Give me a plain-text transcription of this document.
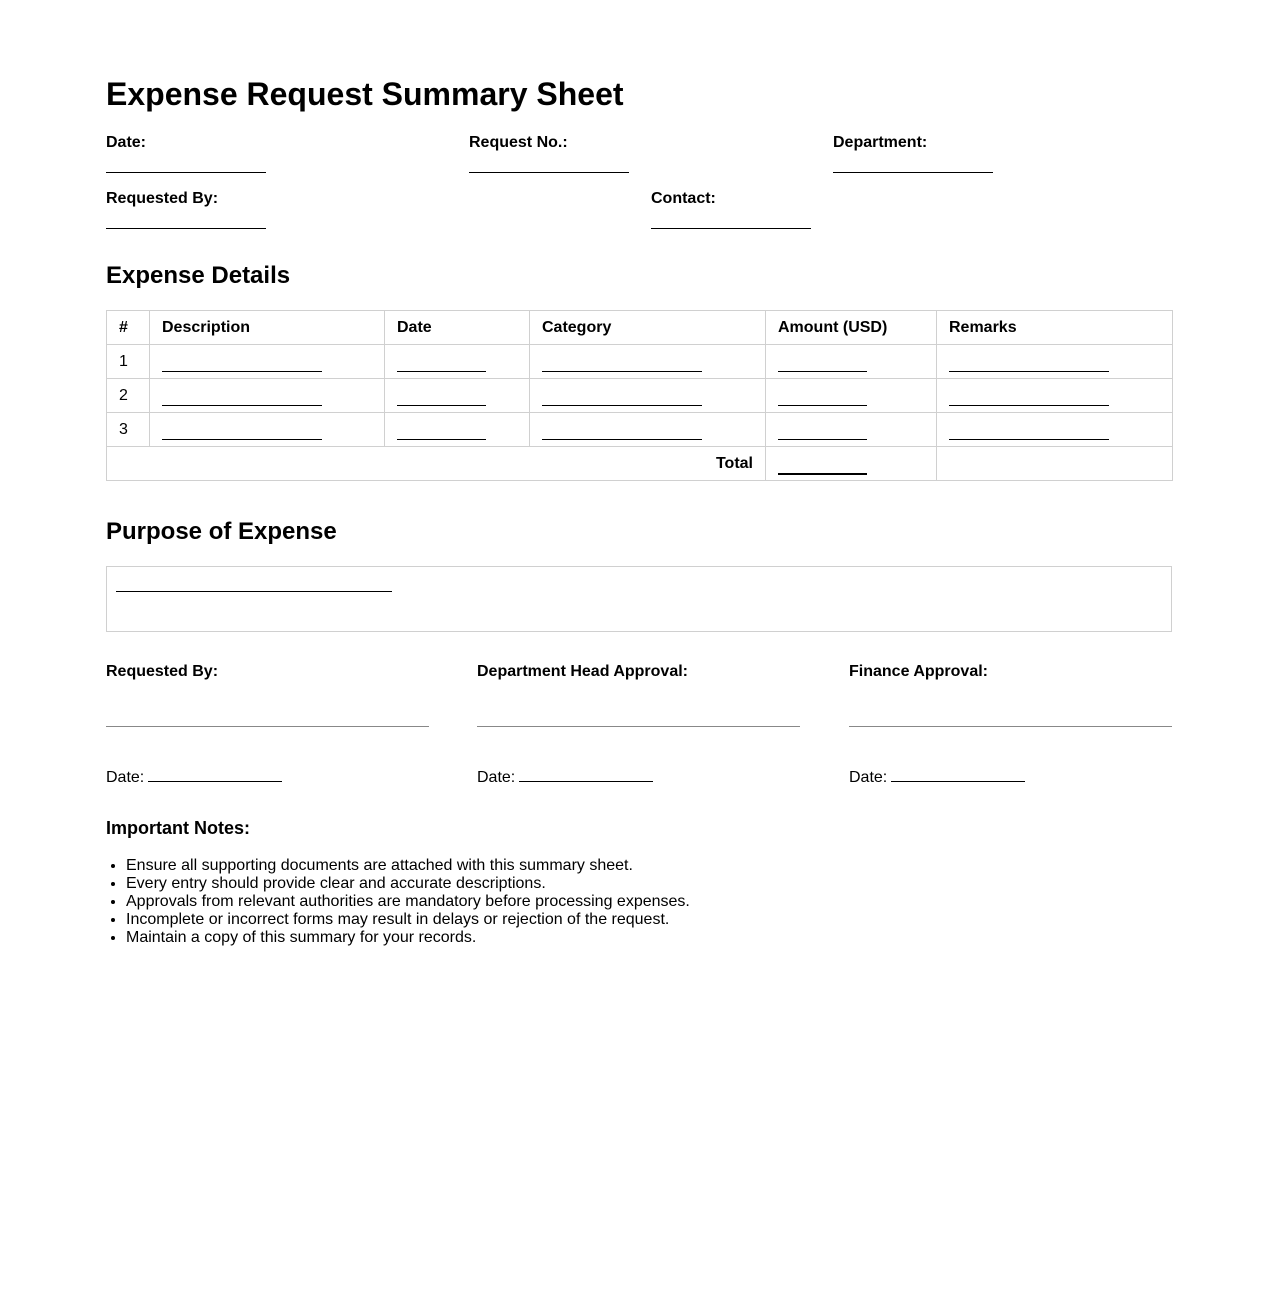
Expense Request Summary Sheet
Date:	Request No.:	Department:
Requested By:	Contact:
Expense Details
#	Description	Date	Category	Amount (USD)	Remarks
1					
2					
3					
Total					
Purpose of Expense
Requested By:
Date:
Department Head Approval:
Date:
Finance Approval:
Date:
Important Notes:
• Ensure all supporting documents are attached with this summary sheet.
• Every entry should provide clear and accurate descriptions.
• Approvals from relevant authorities are mandatory before processing expenses.
• Incomplete or incorrect forms may result in delays or rejection of the request.
• Maintain a copy of this summary for your records.
